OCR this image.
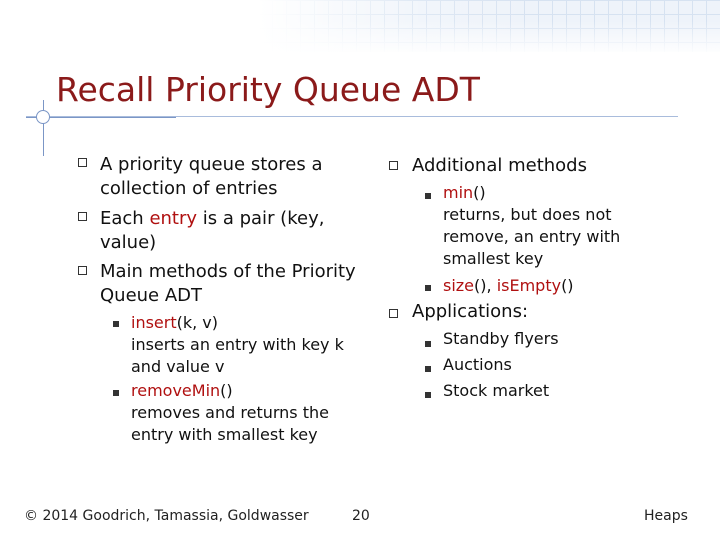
Recall Priority Queue ADT
A priority queue stores a collection of entries
Each entry is a pair (key, value)
Main methods of the Priority Queue ADT
insert(k, v)
inserts an entry with key k and value v
removeMin()
removes and returns the entry with smallest key
Additional methods
min()
returns, but does not remove, an entry with smallest key
size(), isEmpty()
Applications:
Standby flyers
Auctions
Stock market
© 2014 Goodrich, Tamassia, Goldwasser	20	Heaps
